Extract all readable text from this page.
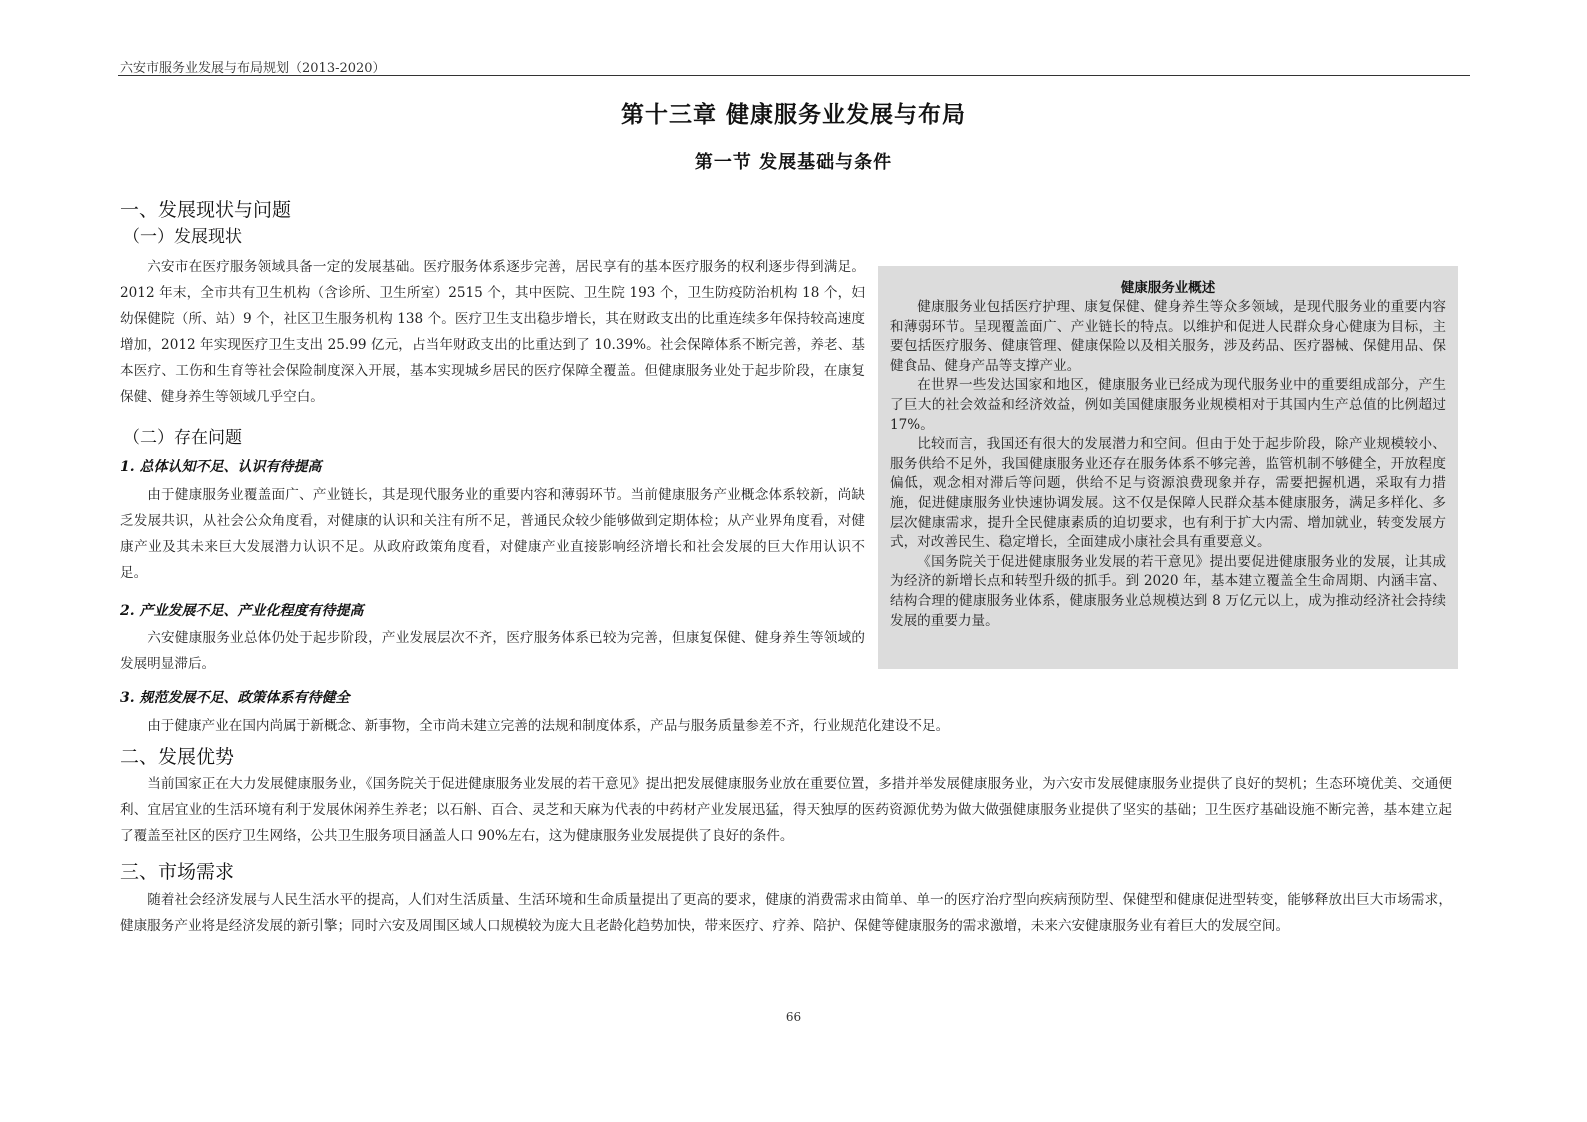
六安市服务业发展与布局规划（2013-2020）
第十三章 健康服务业发展与布局
第一节 发展基础与条件
一、发展现状与问题
（一）发展现状

六安市在医疗服务领域具备一定的发展基础。医疗服务体系逐步完善，居民享有的基本医疗服务的权利逐步得到满足。2012 年末，全市共有卫生机构（含诊所、卫生所室）2515 个，其中医院、卫生院 193 个，卫生防疫防治机构 18 个，妇幼保健院（所、站）9 个，社区卫生服务机构 138 个。医疗卫生支出稳步增长，其在财政支出的比重连续多年保持较高速度增加，2012 年实现医疗卫生支出 25.99 亿元，占当年财政支出的比重达到了 10.39%。社会保障体系不断完善，养老、基本医疗、工伤和生育等社会保险制度深入开展，基本实现城乡居民的医疗保障全覆盖。但健康服务业处于起步阶段，在康复保健、健身养生等领域几乎空白。

（二）存在问题
1. 总体认知不足、认识有待提高

由于健康服务业覆盖面广、产业链长，其是现代服务业的重要内容和薄弱环节。当前健康服务产业概念体系较新，尚缺乏发展共识，从社会公众角度看，对健康的认识和关注有所不足，普通民众较少能够做到定期体检；从产业界角度看，对健康产业及其未来巨大发展潜力认识不足。从政府政策角度看，对健康产业直接影响经济增长和社会发展的巨大作用认识不足。

2. 产业发展不足、产业化程度有待提高

六安健康服务业总体仍处于起步阶段，产业发展层次不齐，医疗服务体系已较为完善，但康复保健、健身养生等领域的发展明显滞后。

3. 规范发展不足、政策体系有待健全

由于健康产业在国内尚属于新概念、新事物，全市尚未建立完善的法规和制度体系，产品与服务质量参差不齐，行业规范化建设不足。

二、发展优势

当前国家正在大力发展健康服务业，《国务院关于促进健康服务业发展的若干意见》提出把发展健康服务业放在重要位置，多措并举发展健康服务业，为六安市发展健康服务业提供了良好的契机；生态环境优美、交通便利、宜居宜业的生活环境有利于发展休闲养生养老；以石斛、百合、灵芝和天麻为代表的中药材产业发展迅猛，得天独厚的医药资源优势为做大做强健康服务业提供了坚实的基础；卫生医疗基础设施不断完善，基本建立起了覆盖至社区的医疗卫生网络，公共卫生服务项目涵盖人口 90%左右，这为健康服务业发展提供了良好的条件。

三、市场需求

随着社会经济发展与人民生活水平的提高，人们对生活质量、生活环境和生命质量提出了更高的要求，健康的消费需求由简单、单一的医疗治疗型向疾病预防型、保健型和健康促进型转变，能够释放出巨大市场需求，健康服务产业将是经济发展的新引擎；同时六安及周围区域人口规模较为庞大且老龄化趋势加快，带来医疗、疗养、陪护、保健等健康服务的需求激增，未来六安健康服务业有着巨大的发展空间。

健康服务业概述

健康服务业包括医疗护理、康复保健、健身养生等众多领域，是现代服务业的重要内容和薄弱环节。呈现覆盖面广、产业链长的特点。以维护和促进人民群众身心健康为目标，主要包括医疗服务、健康管理、健康保险以及相关服务，涉及药品、医疗器械、保健用品、保健食品、健身产品等支撑产业。

在世界一些发达国家和地区，健康服务业已经成为现代服务业中的重要组成部分，产生了巨大的社会效益和经济效益，例如美国健康服务业规模相对于其国内生产总值的比例超过 17%。

比较而言，我国还有很大的发展潜力和空间。但由于处于起步阶段，除产业规模较小、服务供给不足外，我国健康服务业还存在服务体系不够完善，监管机制不够健全，开放程度偏低，观念相对滞后等问题，供给不足与资源浪费现象并存，需要把握机遇，采取有力措施，促进健康服务业快速协调发展。这不仅是保障人民群众基本健康服务，满足多样化、多层次健康需求，提升全民健康素质的迫切要求，也有利于扩大内需、增加就业，转变发展方式，对改善民生、稳定增长，全面建成小康社会具有重要意义。

《国务院关于促进健康服务业发展的若干意见》提出要促进健康服务业的发展，让其成为经济的新增长点和转型升级的抓手。到 2020 年，基本建立覆盖全生命周期、内涵丰富、结构合理的健康服务业体系，健康服务业总规模达到 8 万亿元以上，成为推动经济社会持续发展的重要力量。

66
